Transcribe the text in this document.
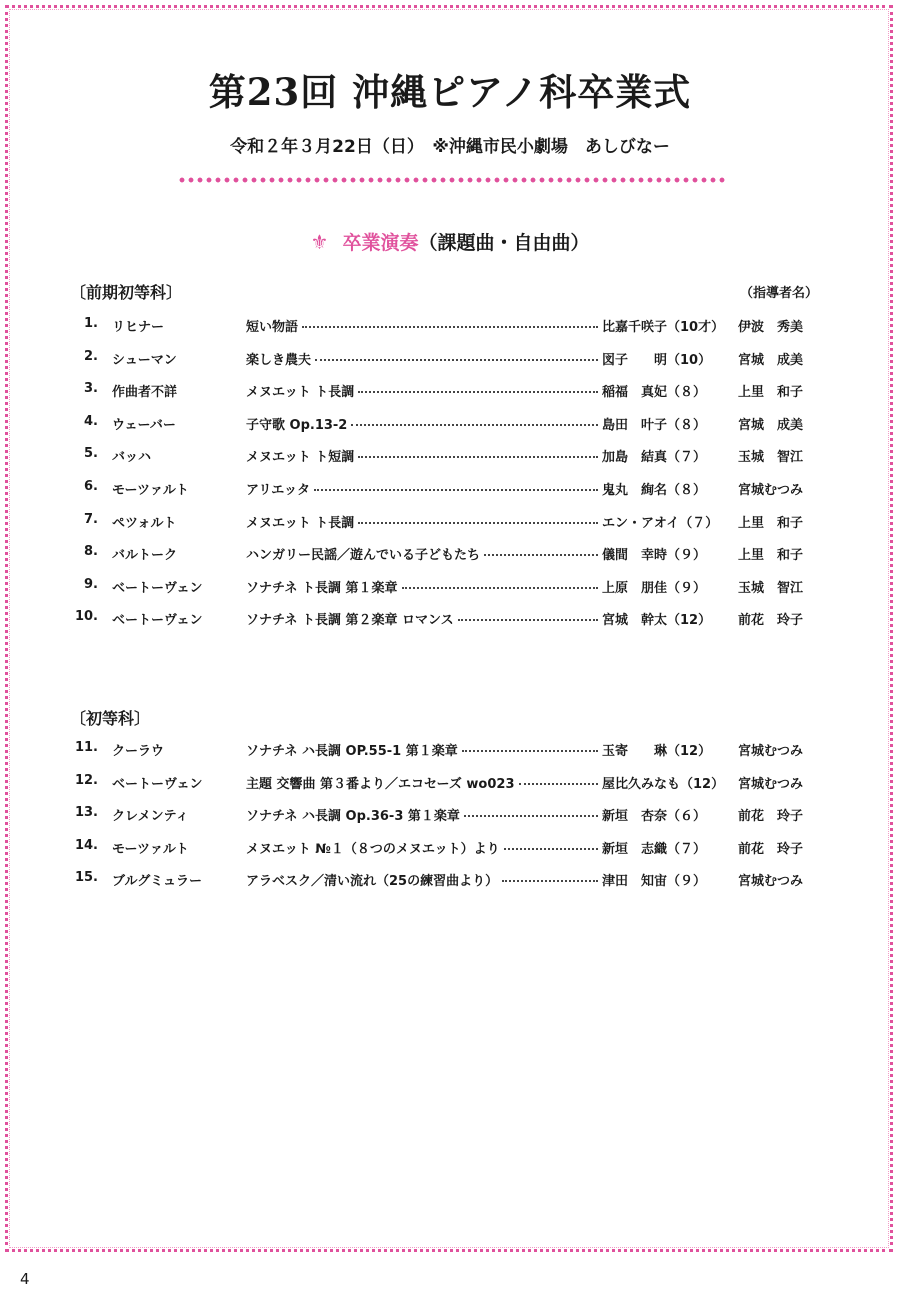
第23回 沖縄ピアノ科卒業式
令和２年３月22日（日）　※沖縄市民小劇場　あしびなー
⚜ 卒業演奏（課題曲・自由曲）
〔前期初等科〕	（指導者名）
1. リヒナー	短い物語	比嘉千咲子（10才）	伊波　秀美
2. シューマン	楽しき農夫	図子　　明（10）	宮城　成美
3. 作曲者不詳	メヌエット ト長調	稲福　真妃（８）	上里　和子
4. ウェーバー	子守歌 Op.13-2	島田　叶子（８）	宮城　成美
5. バッハ	メヌエット ト短調	加島　結真（７）	玉城　智江
6. モーツァルト	アリエッタ	鬼丸　絢名（８）	宮城むつみ
7. ペツォルト	メヌエット ト長調	エン・アオイ（７）	上里　和子
8. バルトーク	ハンガリー民謡／遊んでいる子どもたち	儀間　幸時（９）	上里　和子
9. ベートーヴェン	ソナチネ ト長調 第１楽章	上原　朋佳（９）	玉城　智江
10. ベートーヴェン	ソナチネ ト長調 第２楽章 ロマンス	宮城　幹太（12）	前花　玲子
〔初等科〕
11. クーラウ	ソナチネ ハ長調 OP.55-1 第１楽章	玉寄　　琳（12）	宮城むつみ
12. ベートーヴェン	主題 交響曲 第３番より／エコセーズ wo023	屋比久みなも（12）	宮城むつみ
13. クレメンティ	ソナチネ ハ長調 Op.36-3 第１楽章	新垣　杏奈（６）	前花　玲子
14. モーツァルト	メヌエット №１（８つのメヌエット）より	新垣　志織（７）	前花　玲子
15. ブルグミュラー	アラベスク／清い流れ（25の練習曲より）	津田　知宙（９）	宮城むつみ
4
